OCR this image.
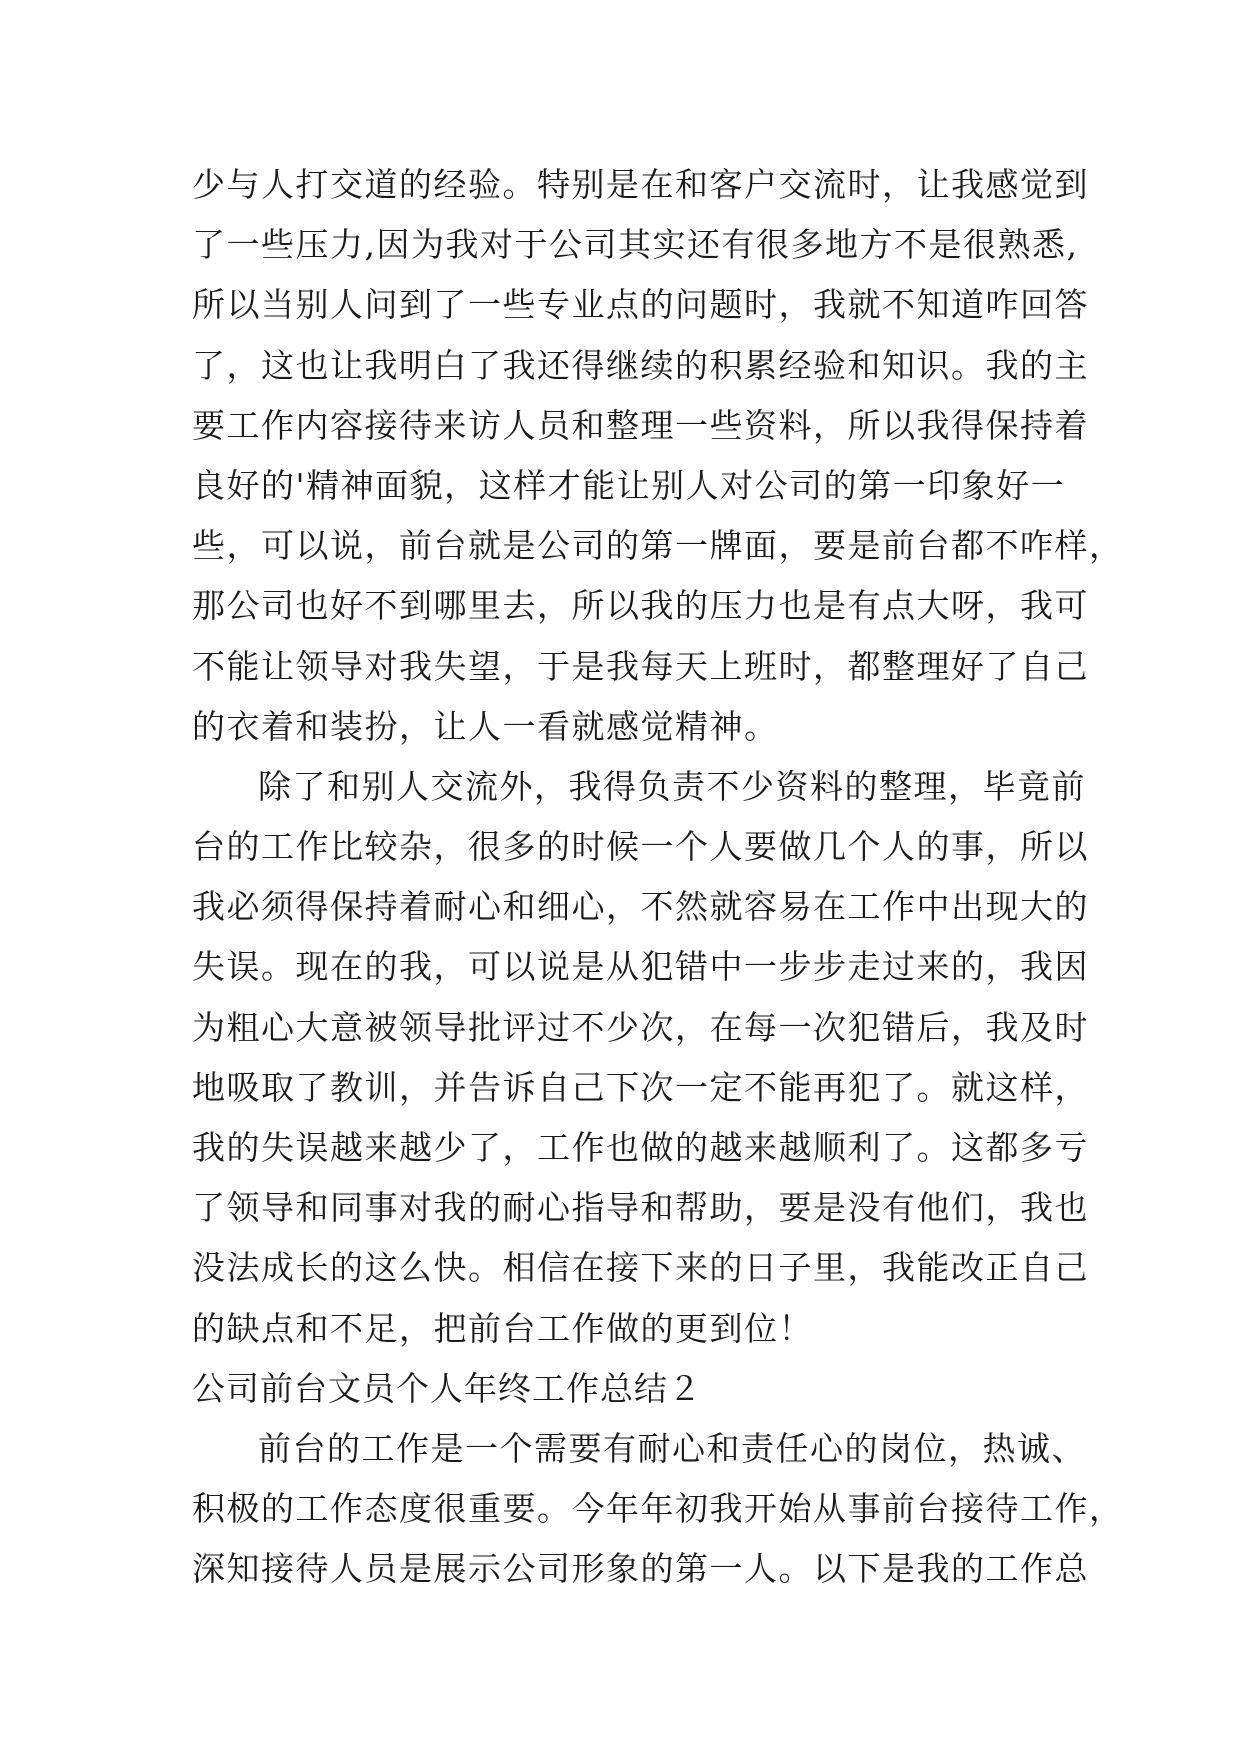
少与人打交道的经验。特别是在和客户交流时，让我感觉到
了一些压力,因为我对于公司其实还有很多地方不是很熟悉,
所以当别人问到了一些专业点的问题时，我就不知道咋回答
了，这也让我明白了我还得继续的积累经验和知识。我的主
要工作内容接待来访人员和整理一些资料，所以我得保持着
良好的'精神面貌，这样才能让别人对公司的第一印象好一
些，可以说，前台就是公司的第一牌面，要是前台都不咋样，
那公司也好不到哪里去，所以我的压力也是有点大呀，我可
不能让领导对我失望，于是我每天上班时，都整理好了自己
的衣着和装扮，让人一看就感觉精神。
除了和别人交流外，我得负责不少资料的整理，毕竟前
台的工作比较杂，很多的时候一个人要做几个人的事，所以
我必须得保持着耐心和细心，不然就容易在工作中出现大的
失误。现在的我，可以说是从犯错中一步步走过来的，我因
为粗心大意被领导批评过不少次，在每一次犯错后，我及时
地吸取了教训，并告诉自己下次一定不能再犯了。就这样，
我的失误越来越少了，工作也做的越来越顺利了。这都多亏
了领导和同事对我的耐心指导和帮助，要是没有他们，我也
没法成长的这么快。相信在接下来的日子里，我能改正自己
的缺点和不足，把前台工作做的更到位！
公司前台文员个人年终工作总结２
前台的工作是一个需要有耐心和责任心的岗位，热诚、
积极的工作态度很重要。今年年初我开始从事前台接待工作，
深知接待人员是展示公司形象的第一人。以下是我的工作总
